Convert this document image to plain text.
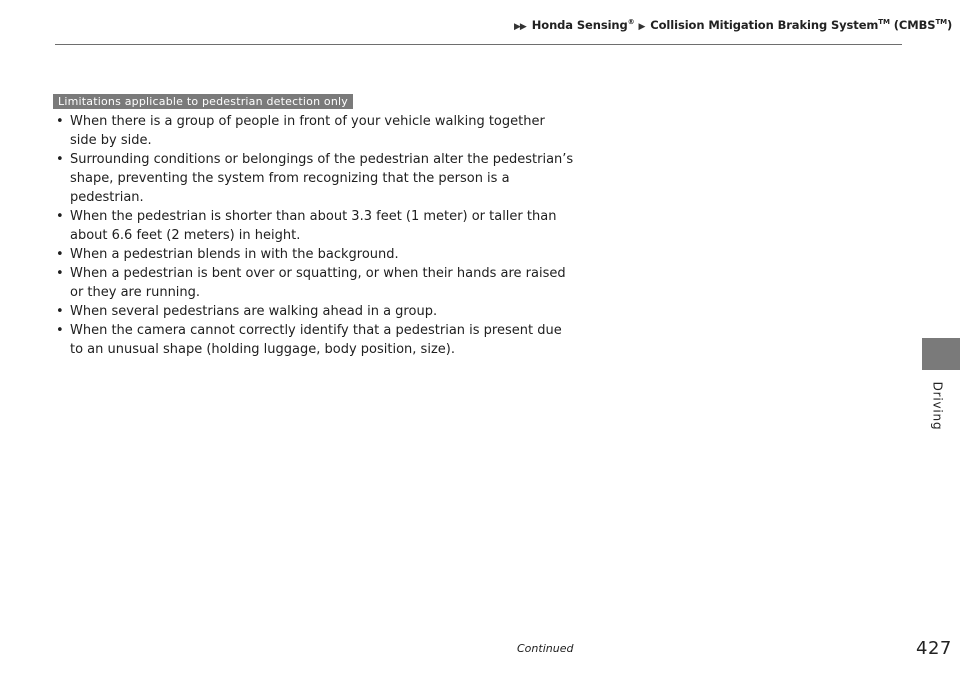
▶▶ Honda Sensing® ▶ Collision Mitigation Braking System™ (CMBS™)
Limitations applicable to pedestrian detection only
• When there is a group of people in front of your vehicle walking together side by side.
• Surrounding conditions or belongings of the pedestrian alter the pedestrian’s shape, preventing the system from recognizing that the person is a pedestrian.
• When the pedestrian is shorter than about 3.3 feet (1 meter) or taller than about 6.6 feet (2 meters) in height.
• When a pedestrian blends in with the background.
• When a pedestrian is bent over or squatting, or when their hands are raised or they are running.
• When several pedestrians are walking ahead in a group.
• When the camera cannot correctly identify that a pedestrian is present due to an unusual shape (holding luggage, body position, size).
Driving
Continued	427
